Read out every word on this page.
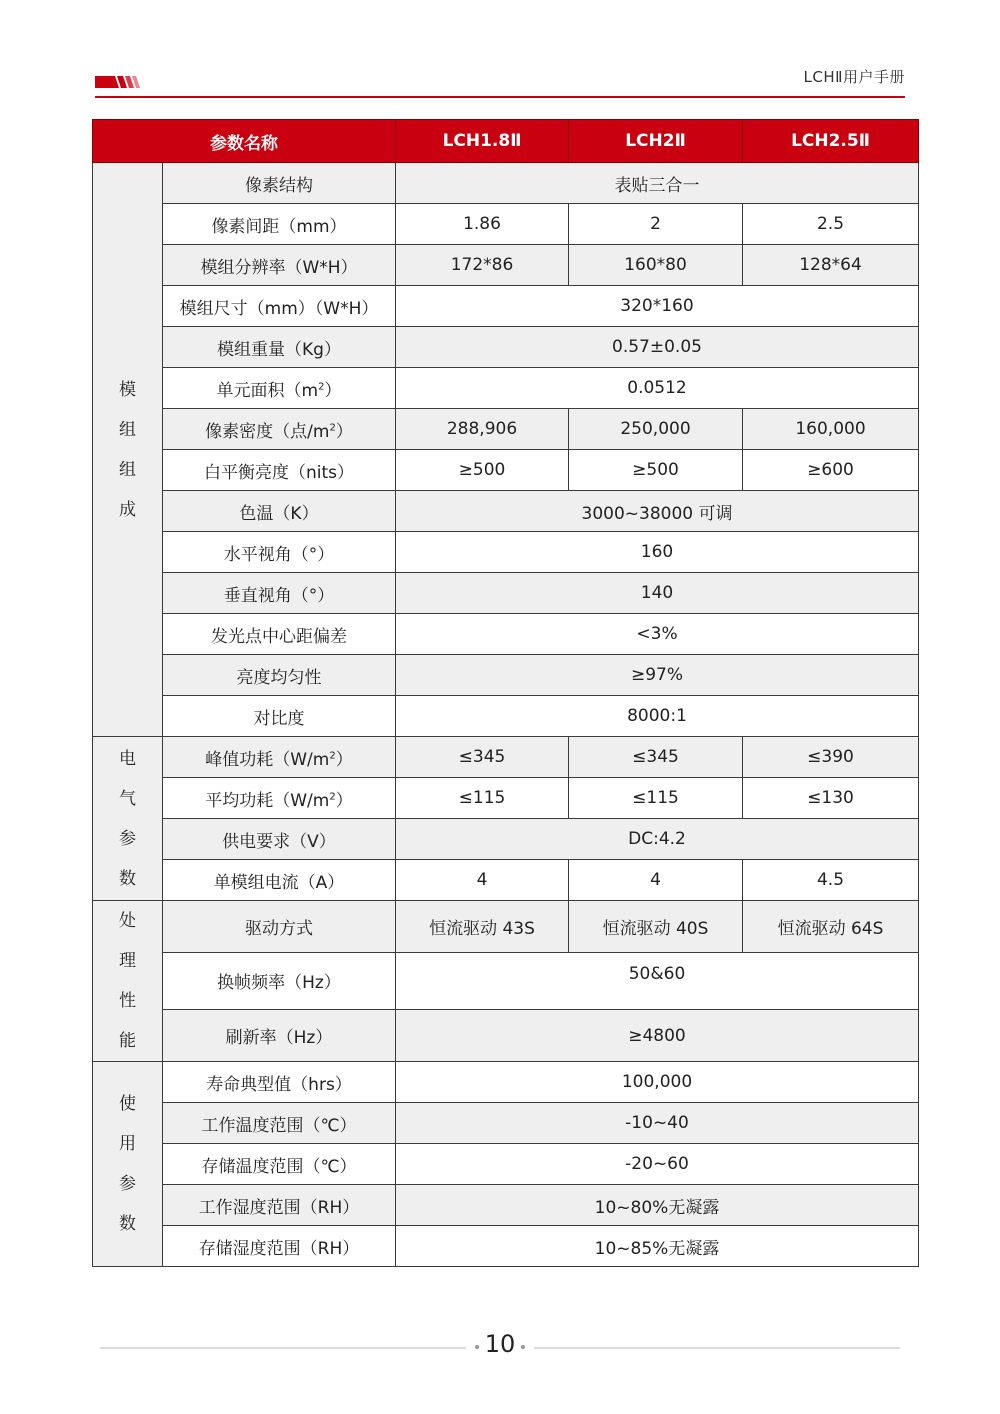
LCHⅡ用户手册
参数名称		LCH1.8Ⅱ	LCH2Ⅱ	LCH2.5Ⅱ

模组组成	像素结构	表贴三合一		
	像素间距（mm）	1.86	2	2.5
	模组分辨率（W*H）	172*86	160*80	128*64
	模组尺寸（mm）（W*H）	320*160		
	模组重量（Kg）	0.57±0.05		
	单元面积$(m^2)$	0.0512		
	像素密度（点$/m^2$）	288,906	250,000	160,000
	白平衡亮度（nits）	≥500	≥500	≥600
	色温（K）	3000~38000 可调		
	水平视角（°）	160		
	垂直视角（°）	140		
	发光点中心距偏差	<3%		
	亮度均匀性	≥97%		
	对比度	8000:1		

电气参数	峰值功耗$(W/m^2)$	≤345	≤345	≤390
	平均功耗$(W/m^2)$	≤115	≤115	≤130
	供电要求（V）	DC:4.2		
	单模组电流（A）	4	4	4.5

处理性能	驱动方式	恒流驱动 43S	恒流驱动 40S	恒流驱动 64S
	换帧频率（Hz）	50&60		
	刷新率（Hz）	≥4800		

使用参数	寿命典型值（hrs）	100,000		
	工作温度范围（℃）	-10~40		
	存储温度范围（℃）	-20~60		
	工作湿度范围（RH）	10~80%无凝露		
	存储湿度范围（RH）	10~85%无凝露		
10
